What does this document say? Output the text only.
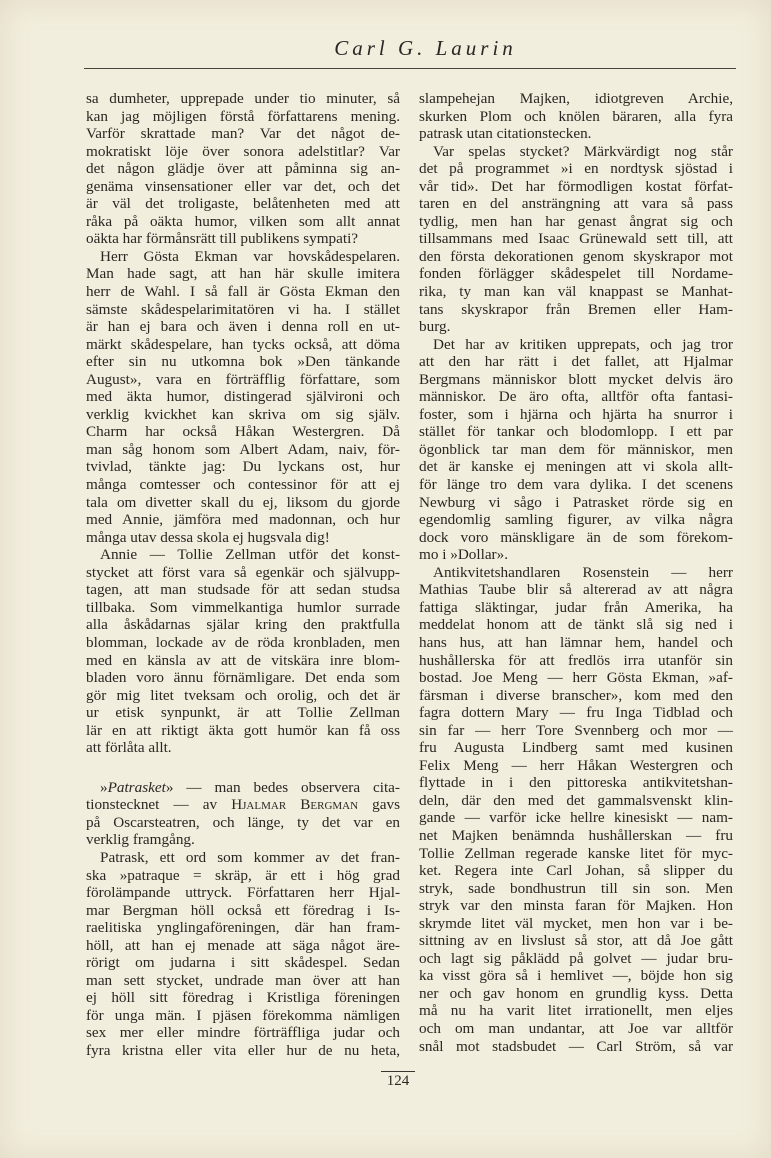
Carl G. Laurin
sa dumheter, upprepade under tio minuter, så
kan jag möjligen förstå författarens mening.
Varför skrattade man? Var det något de-
mokratiskt löje över sonora adelstitlar? Var
det någon glädje över att påminna sig an-
genäma vinsensationer eller var det, och det
är väl det troligaste, belåtenheten med att
råka på oäkta humor, vilken som allt annat
oäkta har förmånsrätt till publikens sympati?
Herr Gösta Ekman var hovskådespelaren.
Man hade sagt, att han här skulle imitera
herr de Wahl. I så fall är Gösta Ekman den
sämste skådespelarimitatören vi ha. I stället
är han ej bara och även i denna roll en ut-
märkt skådespelare, han tycks också, att döma
efter sin nu utkomna bok »Den tänkande
August», vara en förträfflig författare, som
med äkta humor, distingerad självironi och
verklig kvickhet kan skriva om sig själv.
Charm har också Håkan Westergren. Då
man såg honom som Albert Adam, naiv, för-
tvivlad, tänkte jag: Du lyckans ost, hur
många comtesser och contessinor för att ej
tala om divetter skall du ej, liksom du gjorde
med Annie, jämföra med madonnan, och hur
många utav dessa skola ej hugsvala dig!
Annie — Tollie Zellman utför det konst-
stycket att först vara så egenkär och självupp-
tagen, att man studsade för att sedan studsa
tillbaka. Som vimmelkantiga humlor surrade
alla åskådarnas själar kring den praktfulla
blomman, lockade av de röda kronbladen, men
med en känsla av att de vitskära inre blom-
bladen voro ännu förnämligare. Det enda som
gör mig litet tveksam och orolig, och det är
ur etisk synpunkt, är att Tollie Zellman
lär en att riktigt äkta gott humör kan få oss
att förlåta allt.
»Patrasket» — man bedes observera cita-
tionstecknet — av Hjalmar Bergman gavs
på Oscarsteatren, och länge, ty det var en
verklig framgång.
Patrask, ett ord som kommer av det fran-
ska »patraque = skräp, är ett i hög grad
förolämpande uttryck. Författaren herr Hjal-
mar Bergman höll också ett föredrag i Is-
raelitiska ynglingaföreningen, där han fram-
höll, att han ej menade att säga något äre-
rörigt om judarna i sitt skådespel. Sedan
man sett stycket, undrade man över att han
ej höll sitt föredrag i Kristliga föreningen
för unga män. I pjäsen förekomma nämligen
sex mer eller mindre förträffliga judar och
fyra kristna eller vita eller hur de nu heta,
slampehejan Majken, idiotgreven Archie,
skurken Plom och knölen bäraren, alla fyra
patrask utan citationstecken.
Var spelas stycket? Märkvärdigt nog står
det på programmet »i en nordtysk sjöstad i
vår tid». Det har förmodligen kostat förfat-
taren en del ansträngning att vara så pass
tydlig, men han har genast ångrat sig och
tillsammans med Isaac Grünewald sett till, att
den första dekorationen genom skyskrapor mot
fonden förlägger skådespelet till Nordame-
rika, ty man kan väl knappast se Manhat-
tans skyskrapor från Bremen eller Ham-
burg.
Det har av kritiken upprepats, och jag tror
att den har rätt i det fallet, att Hjalmar
Bergmans människor blott mycket delvis äro
människor. De äro ofta, alltför ofta fantasi-
foster, som i hjärna och hjärta ha snurror i
stället för tankar och blodomlopp. I ett par
ögonblick tar man dem för människor, men
det är kanske ej meningen att vi skola allt-
för länge tro dem vara dylika. I det scenens
Newburg vi sågo i Patrasket rörde sig en
egendomlig samling figurer, av vilka några
dock voro mänskligare än de som förekom-
mo i »Dollar».
Antikvitetshandlaren Rosenstein — herr
Mathias Taube blir så altererad av att några
fattiga släktingar, judar från Amerika, ha
meddelat honom att de tänkt slå sig ned i
hans hus, att han lämnar hem, handel och
hushållerska för att fredlös irra utanför sin
bostad. Joe Meng — herr Gösta Ekman, »af-
färsman i diverse branscher», kom med den
fagra dottern Mary — fru Inga Tidblad och
sin far — herr Tore Svennberg och mor —
fru Augusta Lindberg samt med kusinen
Felix Meng — herr Håkan Westergren och
flyttade in i den pittoreska antikvitetshan-
deln, där den med det gammalsvenskt klin-
gande — varför icke hellre kinesiskt — nam-
net Majken benämnda hushållerskan — fru
Tollie Zellman regerade kanske litet för myc-
ket. Regera inte Carl Johan, så slipper du
stryk, sade bondhustrun till sin son. Men
stryk var den minsta faran för Majken. Hon
skrymde litet väl mycket, men hon var i be-
sittning av en livslust så stor, att då Joe gått
och lagt sig påklädd på golvet — judar bru-
ka visst göra så i hemlivet —, böjde hon sig
ner och gav honom en grundlig kyss. Detta
må nu ha varit litet irrationellt, men eljes
och om man undantar, att Joe var alltför
snål mot stadsbudet — Carl Ström, så var
124
